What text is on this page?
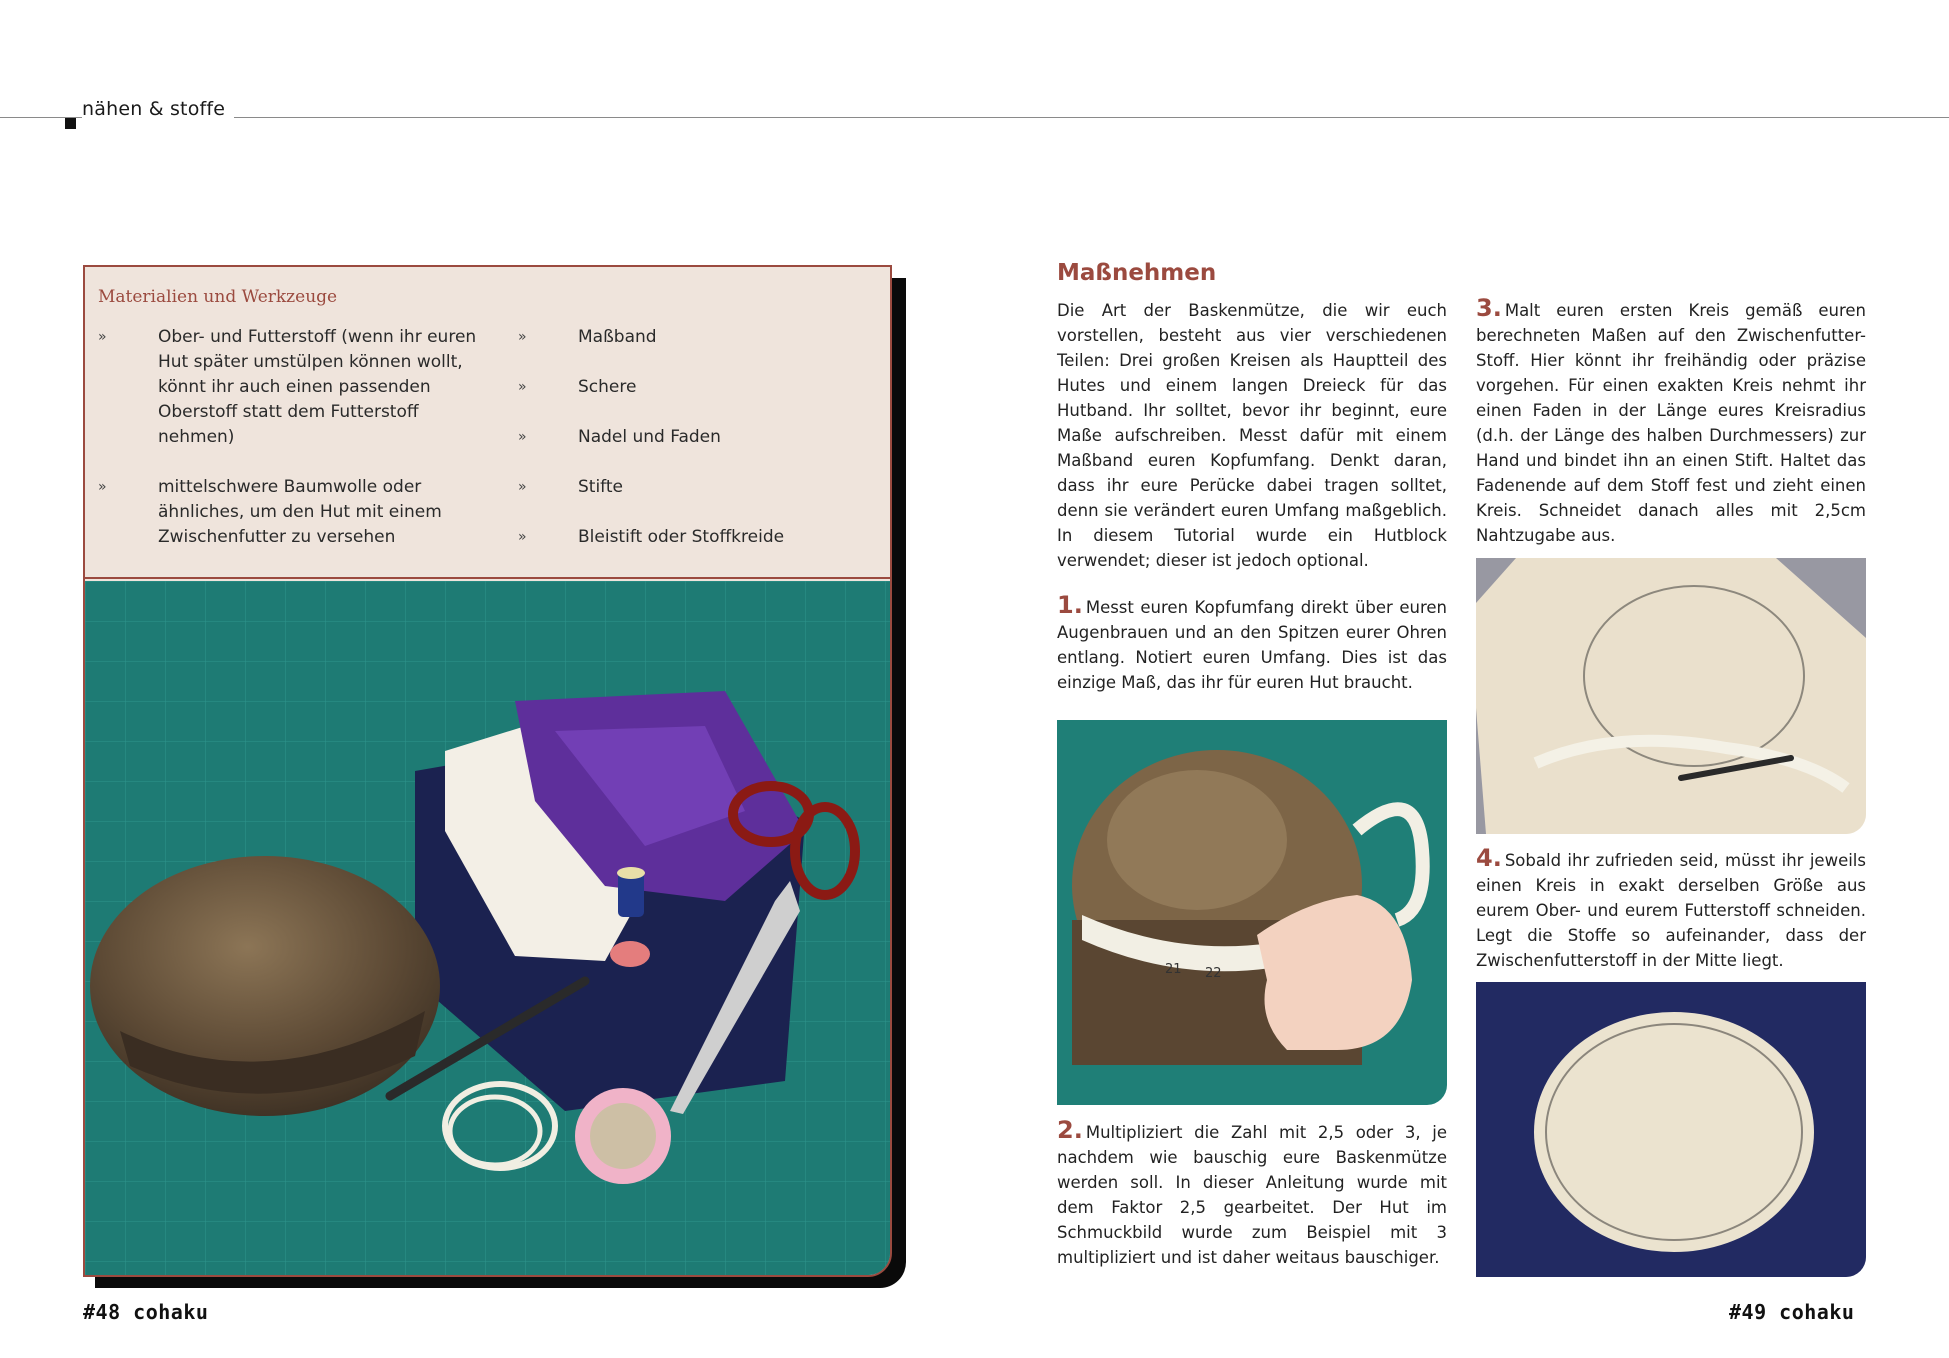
nähen & stoffe
Materialien und Werkzeuge
»	Ober- und Futterstoff (wenn ihr euren Hut später umstülpen können wollt, könnt ihr auch einen passenden Oberstoff statt dem Futterstoff nehmen)
»	mittelschwere Baumwolle oder ähnliches, um den Hut mit einem Zwischenfutter zu versehen
»	Maßband
»	Schere
»	Nadel und Faden
»	Stifte
»	Bleistift oder Stoffkreide
Maßnehmen
Die Art der Baskenmütze, die wir euch vorstellen, besteht aus vier verschiedenen Teilen: Drei großen Kreisen als Hauptteil des Hutes und einem langen Dreieck für das Hutband. Ihr solltet, bevor ihr beginnt, eure Maße aufschreiben. Messt dafür mit einem Maßband euren Kopfumfang. Denkt daran, dass ihr eure Perücke dabei tragen solltet, denn sie verändert euren Umfang maßgeblich. In diesem Tutorial wurde ein Hutblock verwendet; dieser ist jedoch optional.
1. Messt euren Kopfumfang direkt über euren Augenbrauen und an den Spitzen eurer Ohren entlang. Notiert euren Umfang. Dies ist das einzige Maß, das ihr für euren Hut braucht.
21 22
2. Multipliziert die Zahl mit 2,5 oder 3, je nachdem wie bauschig eure Baskenmütze werden soll. In dieser Anleitung wurde mit dem Faktor 2,5 gearbeitet. Der Hut im Schmuckbild wurde zum Beispiel mit 3 multipliziert und ist daher weitaus bauschiger.
3. Malt euren ersten Kreis gemäß euren berechneten Maßen auf den Zwischenfutter-Stoff. Hier könnt ihr freihändig oder präzise vorgehen. Für einen exakten Kreis nehmt ihr einen Faden in der Länge eures Kreisradius (d.h. der Länge des halben Durchmessers) zur Hand und bindet ihn an einen Stift. Haltet das Fadenende auf dem Stoff fest und zieht einen Kreis. Schneidet danach alles mit 2,5cm Nahtzugabe aus.
4. Sobald ihr zufrieden seid, müsst ihr jeweils einen Kreis in exakt derselben Größe aus eurem Ober- und eurem Futterstoff schneiden. Legt die Stoffe so aufeinander, dass der Zwischenfutterstoff in der Mitte liegt.
#48 cohaku	#49 cohaku
